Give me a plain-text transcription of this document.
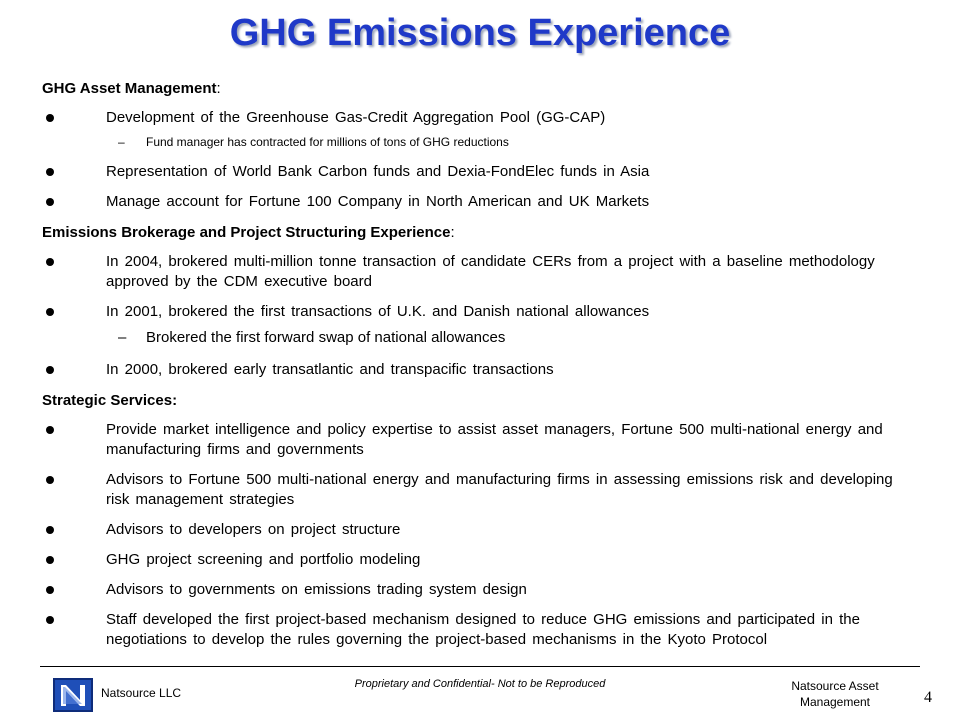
GHG Emissions Experience
GHG Asset Management:
Development of the Greenhouse Gas-Credit Aggregation Pool (GG-CAP)
– Fund manager has contracted for millions of tons of GHG reductions
Representation of World Bank Carbon funds and Dexia-FondElec funds in Asia
Manage account for Fortune 100 Company in North American and UK Markets
Emissions Brokerage and Project Structuring Experience:
In 2004, brokered multi-million tonne transaction of candidate CERs from a project with a baseline methodology approved by the CDM executive board
In 2001, brokered the first transactions of U.K. and Danish national allowances
– Brokered the first forward swap of national allowances
In 2000, brokered early transatlantic and transpacific transactions
Strategic Services:
Provide market intelligence and policy expertise to assist asset managers, Fortune 500 multi-national energy and manufacturing firms and governments
Advisors to Fortune 500 multi-national energy and manufacturing firms in assessing emissions risk and developing risk management strategies
Advisors to developers on project structure
GHG project screening and portfolio modeling
Advisors to governments on emissions trading system design
Staff developed the first project-based mechanism designed to reduce GHG emissions and participated in the negotiations to develop the rules governing the project-based mechanisms in the Kyoto Protocol
Natsource LLC
Proprietary and Confidential- Not to be Reproduced	Natsource Asset Management	4
